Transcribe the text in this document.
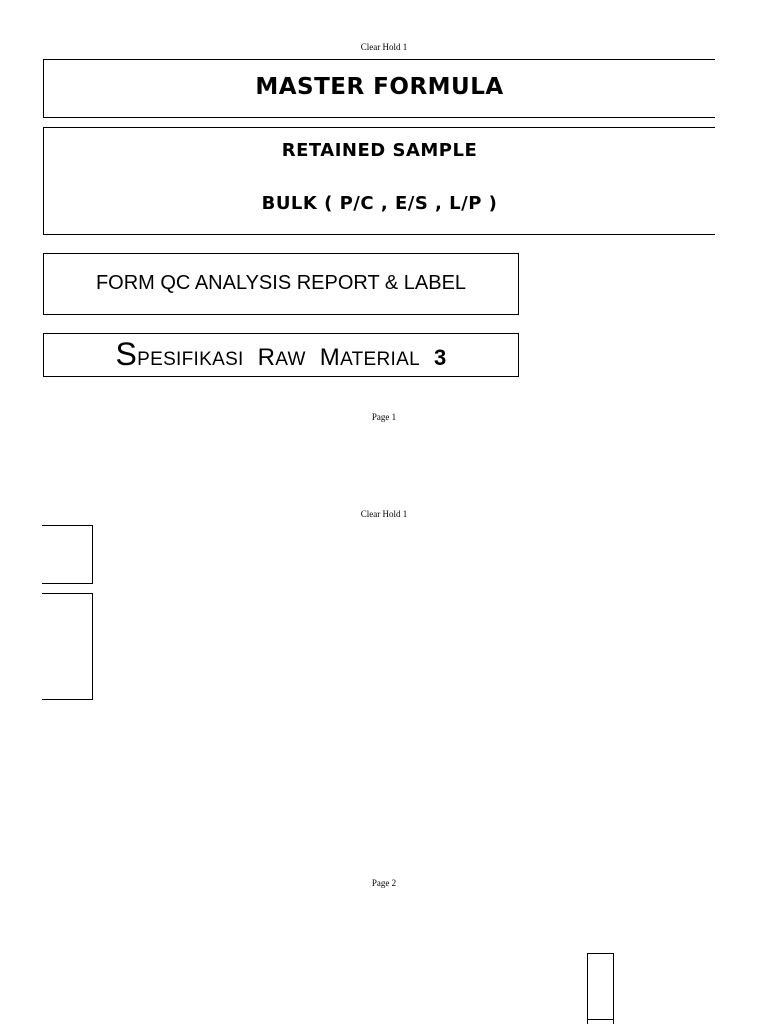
Clear Hold 1
MASTER FORMULA
RETAINED SAMPLE
BULK ( P/C , E/S , L/P )
FORM QC ANALYSIS REPORT & LABEL
SPESIFIKASI RAW MATERIAL 3
Page 1
Clear Hold 1
Page 2
